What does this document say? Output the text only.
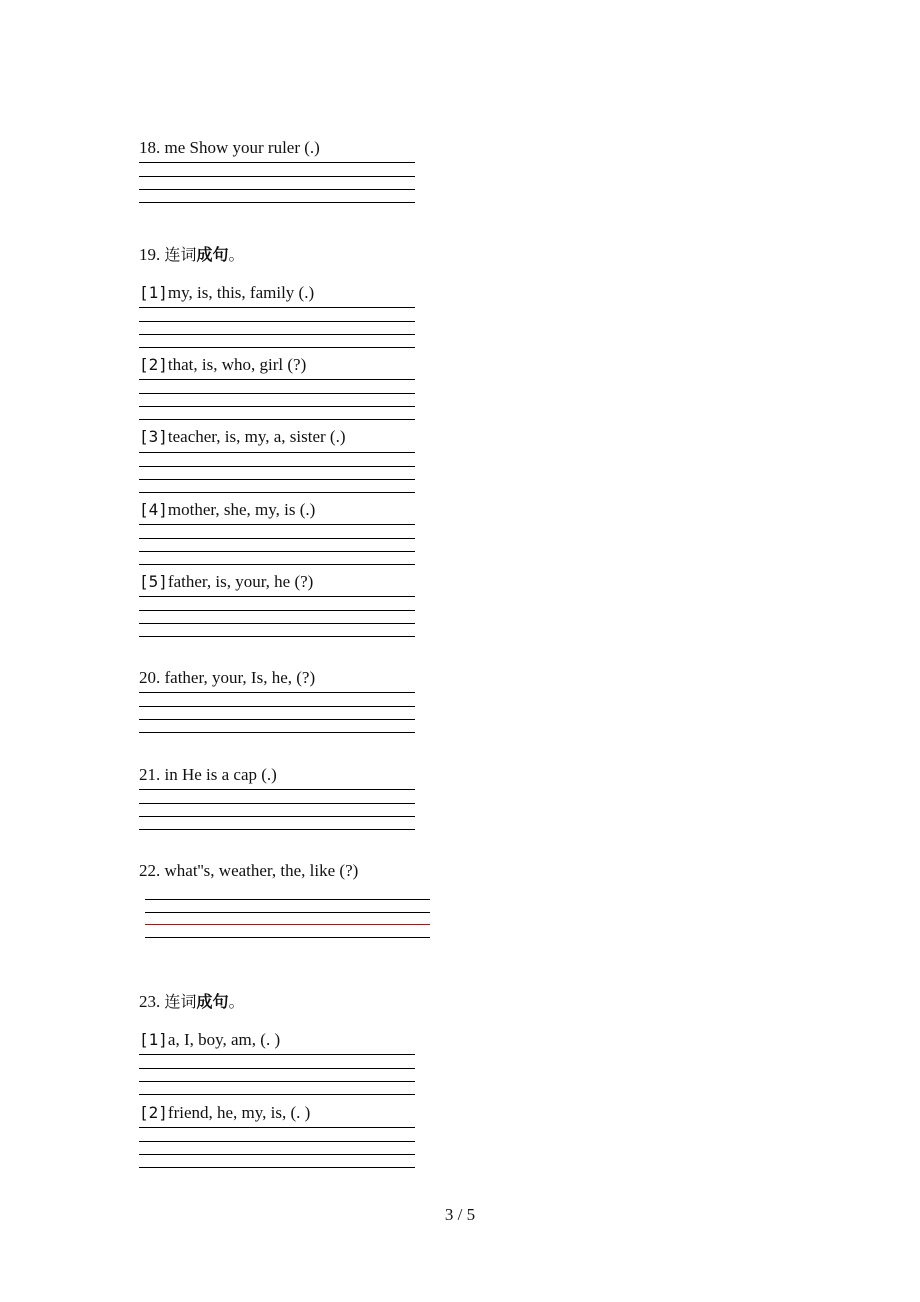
18. me Show your ruler (.)
19. 连词成句。
[1]my, is, this, family (.)
[2]that, is, who, girl (?)
[3]teacher, is, my, a, sister (.)
[4]mother, she, my, is (.)
[5]father, is, your, he (?)
20. father, your, Is, he, (?)
21. in He is a cap (.)
22. what''s, weather, the, like (?)
23. 连词成句。
[1]a, I, boy, am, (. )
[2]friend, he, my, is, (. )
3 / 5
